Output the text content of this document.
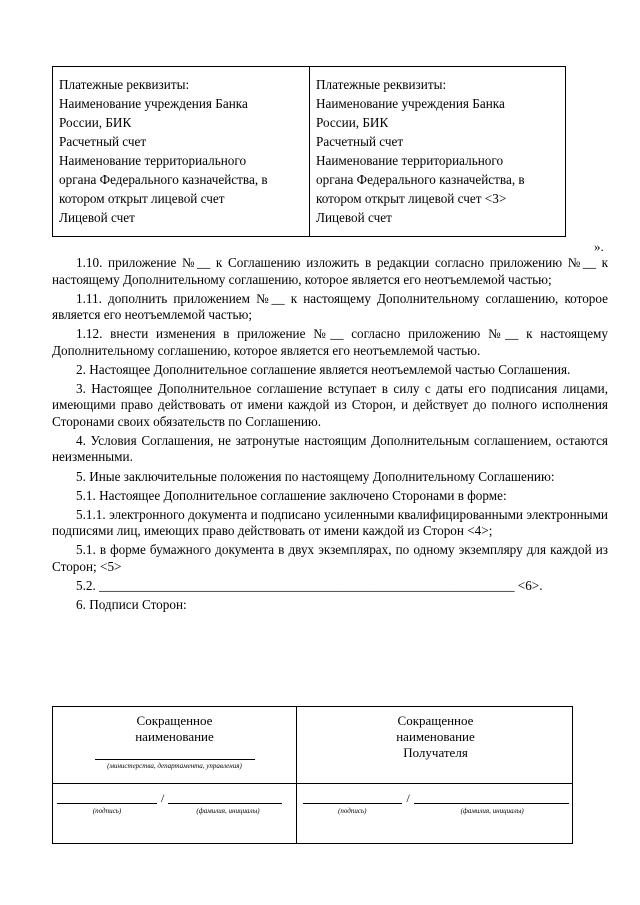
Платежные реквизиты:
Наименование учреждения Банка
России, БИК
Расчетный счет
Наименование территориального
органа Федерального казначейства, в
котором открыт лицевой счет
Лицевой счет
Платежные реквизиты:
Наименование учреждения Банка
России, БИК
Расчетный счет
Наименование территориального
органа Федерального казначейства, в
котором открыт лицевой счет <3>
Лицевой счет
».

1.10. приложение №__ к Соглашению изложить в редакции согласно приложению №__ к настоящему Дополнительному соглашению, которое является его неотъемлемой частью;

1.11. дополнить приложением №__ к настоящему Дополнительному соглашению, которое является его неотъемлемой частью;

1.12. внести изменения в приложение №__ согласно приложению №__ к настоящему Дополнительному соглашению, которое является его неотъемлемой частью.

2. Настоящее Дополнительное соглашение является неотъемлемой частью Соглашения.

3. Настоящее Дополнительное соглашение вступает в силу с даты его подписания лицами, имеющими право действовать от имени каждой из Сторон, и действует до полного исполнения Сторонами своих обязательств по Соглашению.

4. Условия Соглашения, не затронутые настоящим Дополнительным соглашением, остаются неизменными.

5. Иные заключительные положения по настоящему Дополнительному Соглашению:

5.1. Настоящее Дополнительное соглашение заключено Сторонами в форме:

5.1.1. электронного документа и подписано усиленными квалифицированными электронными подписями лиц, имеющих право действовать от имени каждой из Сторон <4>;

5.1. в форме бумажного документа в двух экземплярах, по одному экземпляру для каждой из Сторон; <5>

5.2. _______________________________________________________________ <6>.

6. Подписи Сторон:

Сокращенное
наименование
(министерства, департамента, управления)
Сокращенное
наименование
Получателя
/
(подпись)	(фамилия, инициалы)
/
(подпись)	(фамилия, инициалы)
